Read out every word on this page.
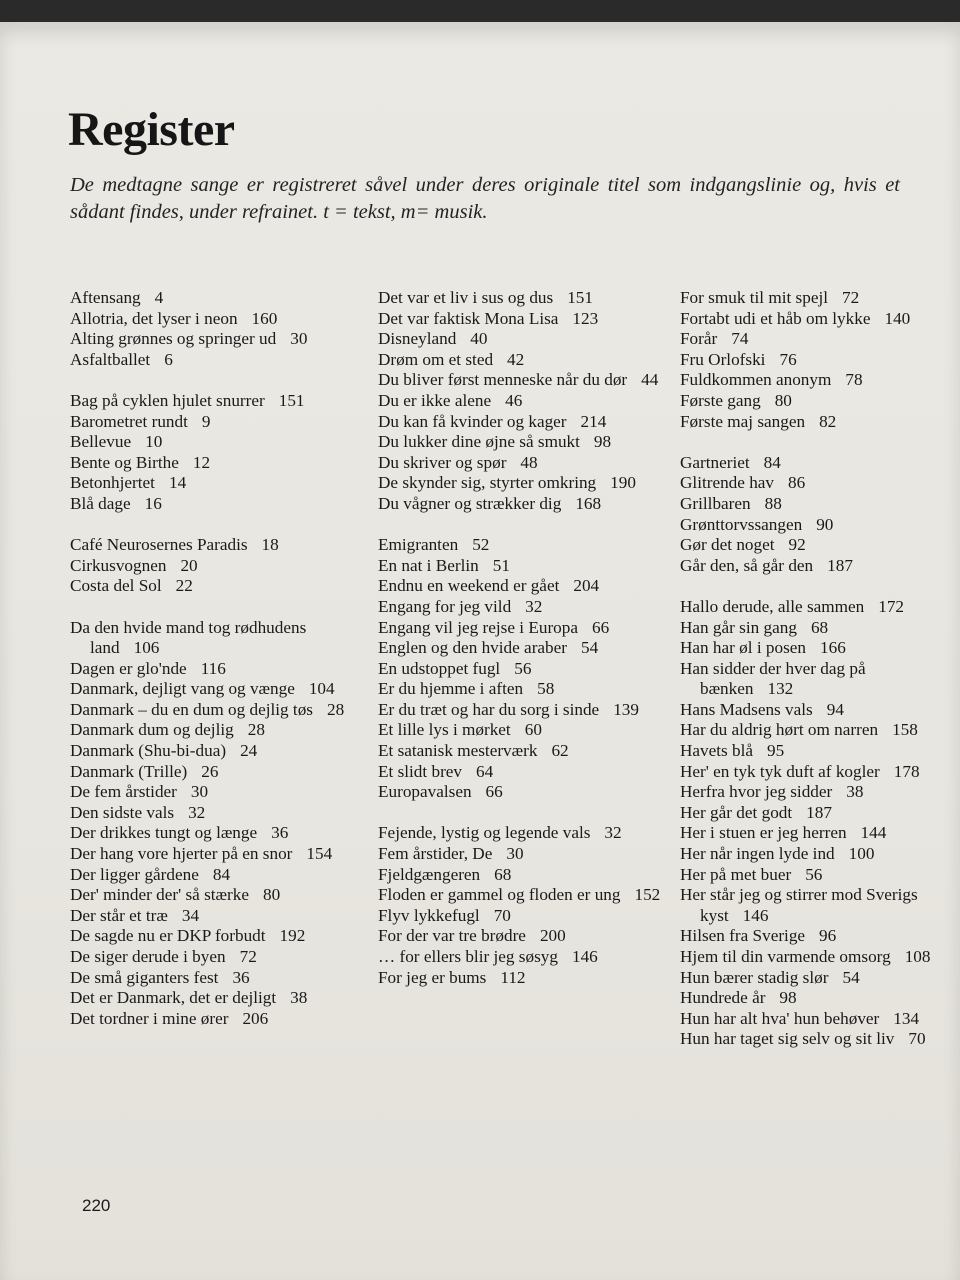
Register

De medtagne sange er registreret såvel under deres originale titel som indgangslinie og, hvis et sådant findes, under refrainet. t = tekst, m= musik.

Aftensang 4
Allotria, det lyser i neon 160
Alting grønnes og springer ud 30
Asfaltballet 6
Bag på cyklen hjulet snurrer 151
Barometret rundt 9
Bellevue 10
Bente og Birthe 12
Betonhjertet 14
Blå dage 16
Café Neurosernes Paradis 18
Cirkusvognen 20
Costa del Sol 22
Da den hvide mand tog rødhudens land 106
Dagen er glo'nde 116
Danmark, dejligt vang og vænge 104
Danmark – du en dum og dejlig tøs 28
Danmark dum og dejlig 28
Danmark (Shu-bi-dua) 24
Danmark (Trille) 26
De fem årstider 30
Den sidste vals 32
Der drikkes tungt og længe 36
Der hang vore hjerter på en snor 154
Der ligger gårdene 84
Der' minder der' så stærke 80
Der står et træ 34
De sagde nu er DKP forbudt 192
De siger derude i byen 72
De små giganters fest 36
Det er Danmark, det er dejligt 38
Det tordner i mine ører 206
Det var et liv i sus og dus 151
Det var faktisk Mona Lisa 123
Disneyland 40
Drøm om et sted 42
Du bliver først menneske når du dør 44
Du er ikke alene 46
Du kan få kvinder og kager 214
Du lukker dine øjne så smukt 98
Du skriver og spør 48
De skynder sig, styrter omkring 190
Du vågner og strækker dig 168
Emigranten 52
En nat i Berlin 51
Endnu en weekend er gået 204
Engang for jeg vild 32
Engang vil jeg rejse i Europa 66
Englen og den hvide araber 54
En udstoppet fugl 56
Er du hjemme i aften 58
Er du træt og har du sorg i sinde 139
Et lille lys i mørket 60
Et satanisk mesterværk 62
Et slidt brev 64
Europavalsen 66
Fejende, lystig og legende vals 32
Fem årstider, De 30
Fjeldgængeren 68
Floden er gammel og floden er ung 152
Flyv lykkefugl 70
For der var tre brødre 200
… for ellers blir jeg søsyg 146
For jeg er bums 112
For smuk til mit spejl 72
Fortabt udi et håb om lykke 140
Forår 74
Fru Orlofski 76
Fuldkommen anonym 78
Første gang 80
Første maj sangen 82
Gartneriet 84
Glitrende hav 86
Grillbaren 88
Grønttorvssangen 90
Gør det noget 92
Går den, så går den 187
Hallo derude, alle sammen 172
Han går sin gang 68
Han har øl i posen 166
Han sidder der hver dag på bænken 132
Hans Madsens vals 94
Har du aldrig hørt om narren 158
Havets blå 95
Her' en tyk tyk duft af kogler 178
Herfra hvor jeg sidder 38
Her går det godt 187
Her i stuen er jeg herren 144
Her når ingen lyde ind 100
Her på met buer 56
Her står jeg og stirrer mod Sverigs kyst 146
Hilsen fra Sverige 96
Hjem til din varmende omsorg 108
Hun bærer stadig slør 54
Hundrede år 98
Hun har alt hva' hun behøver 134
Hun har taget sig selv og sit liv 70
220
